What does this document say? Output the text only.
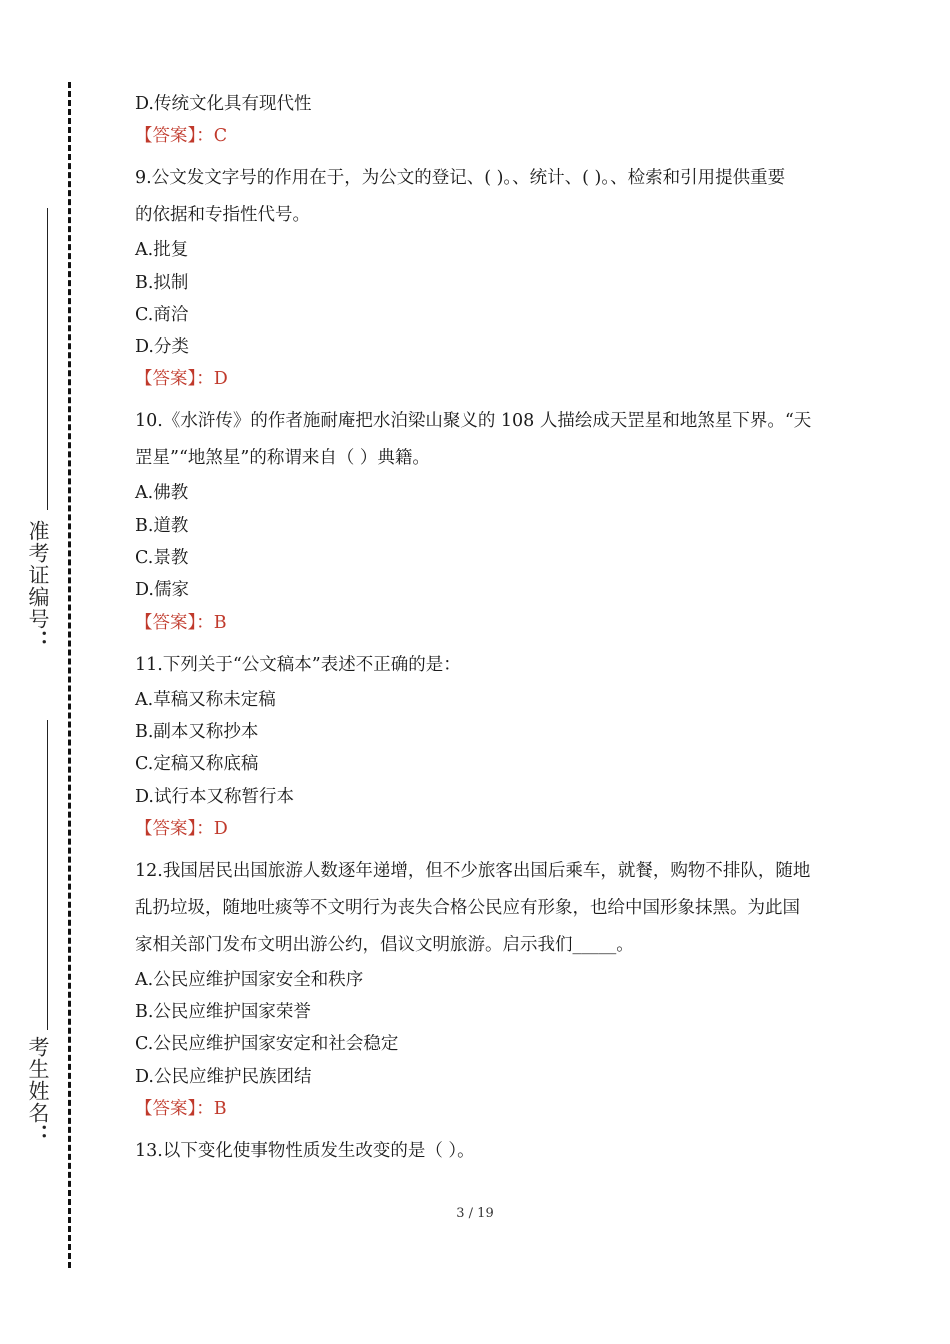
准考证编号：
考生姓名：

D.传统文化具有现代性

【答案】：C

9.公文发文字号的作用在于，为公文的登记、( )。、统计、( )。、检索和引用提供重要

的依据和专指性代号。

A.批复

B.拟制

C.商洽

D.分类

【答案】：D

10.《水浒传》的作者施耐庵把水泊梁山聚义的 108 人描绘成天罡星和地煞星下界。“天

罡星”“地煞星”的称谓来自（ ）典籍。

A.佛教

B.道教

C.景教

D.儒家

【答案】：B

11.下列关于“公文稿本”表述不正确的是：

A.草稿又称未定稿

B.副本又称抄本

C.定稿又称底稿

D.试行本又称暂行本

【答案】：D

12.我国居民出国旅游人数逐年递增，但不少旅客出国后乘车，就餐，购物不排队，随地

乱扔垃圾，随地吐痰等不文明行为丧失合格公民应有形象，也给中国形象抹黑。为此国

家相关部门发布文明出游公约，倡议文明旅游。启示我们_____。

A.公民应维护国家安全和秩序

B.公民应维护国家荣誉

C.公民应维护国家安定和社会稳定

D.公民应维护民族团结

【答案】：B

13.以下变化使事物性质发生改变的是（ ）。

3 / 19
